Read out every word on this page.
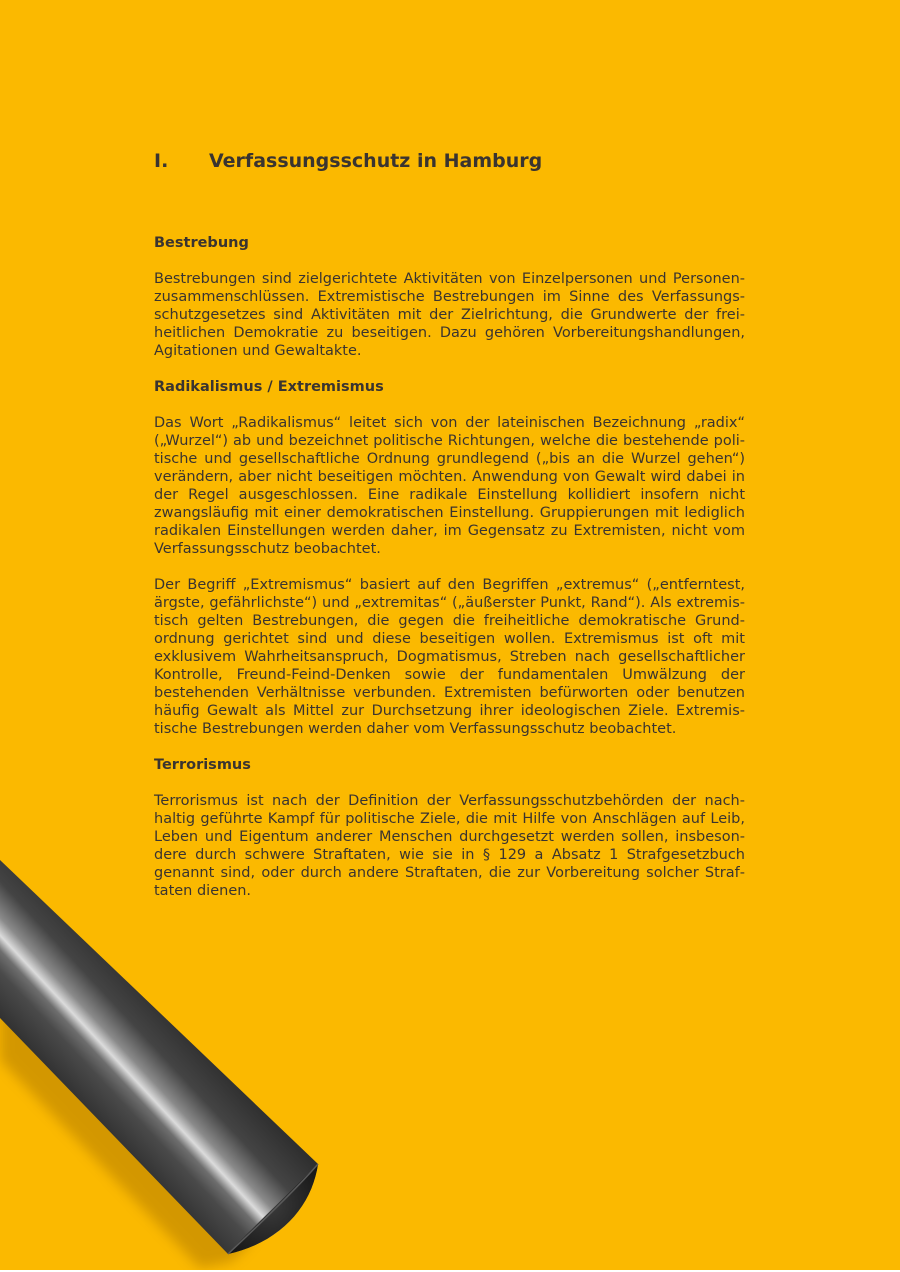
I.	Verfassungsschutz in Hamburg
Bestrebung

Bestrebungen sind zielgerichtete Aktivitäten von Einzelpersonen und Personenzusammenschlüssen. Extremistische Bestrebungen im Sinne des Verfassungsschutzgesetzes sind Aktivitäten mit der Zielrichtung, die Grundwerte der freiheitlichen Demokratie zu beseitigen. Dazu gehören Vorbereitungshandlungen, Agitationen und Gewaltakte.

Radikalismus / Extremismus

Das Wort „Radikalismus“ leitet sich von der lateinischen Bezeichnung „radix“ („Wurzel“) ab und bezeichnet politische Richtungen, welche die bestehende politische und gesellschaftliche Ordnung grundlegend („bis an die Wurzel gehen“) verändern, aber nicht beseitigen möchten. Anwendung von Gewalt wird dabei in der Regel ausgeschlossen. Eine radikale Einstellung kollidiert insofern nicht zwangsläufig mit einer demokratischen Einstellung. Gruppierungen mit lediglich radikalen Einstellungen werden daher, im Gegensatz zu Extremisten, nicht vom Verfassungsschutz beobachtet.

Der Begriff „Extremismus“ basiert auf den Begriffen „extremus“ („entferntest, ärgste, gefährlichste“) und „extremitas“ („äußerster Punkt, Rand“). Als extremistisch gelten Bestrebungen, die gegen die freiheitliche demokratische Grundordnung gerichtet sind und diese beseitigen wollen. Extremismus ist oft mit exklusivem Wahrheitsanspruch, Dogmatismus, Streben nach gesellschaftlicher Kontrolle, Freund-Feind-Denken sowie der fundamentalen Umwälzung der bestehenden Verhältnisse verbunden. Extremisten befürworten oder benutzen häufig Gewalt als Mittel zur Durchsetzung ihrer ideologischen Ziele. Extremistische Bestrebungen werden daher vom Verfassungsschutz beobachtet.

Terrorismus

Terrorismus ist nach der Definition der Verfassungsschutzbehörden der nachhaltig geführte Kampf für politische Ziele, die mit Hilfe von Anschlägen auf Leib, Leben und Eigentum anderer Menschen durchgesetzt werden sollen, insbesondere durch schwere Straftaten, wie sie in § 129 a Absatz 1 Strafgesetzbuch genannt sind, oder durch andere Straftaten, die zur Vorbereitung solcher Straftaten dienen.
